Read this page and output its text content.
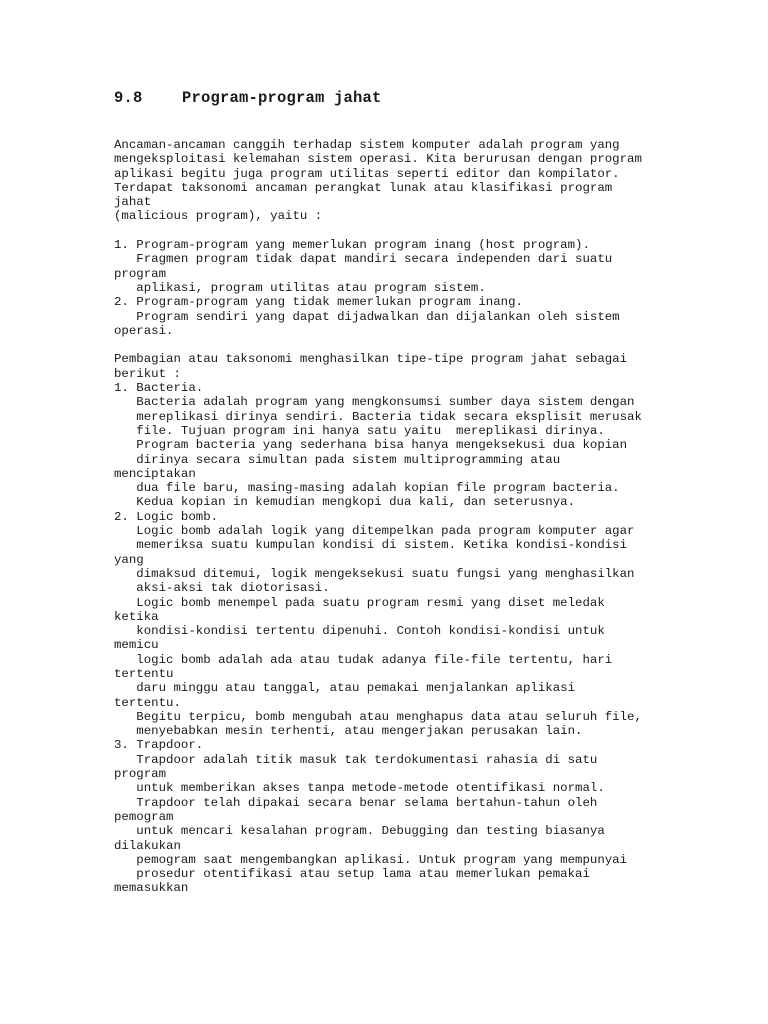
9.8	Program-program jahat
Ancaman-ancaman canggih terhadap sistem komputer adalah program yang
mengeksploitasi kelemahan sistem operasi. Kita berurusan dengan program
aplikasi begitu juga program utilitas seperti editor dan kompilator.
Terdapat taksonomi ancaman perangkat lunak atau klasifikasi program
jahat
(malicious program), yaitu :
1. Program-program yang memerlukan program inang (host program).
Fragmen program tidak dapat mandiri secara independen dari suatu
program
aplikasi, program utilitas atau program sistem.
2. Program-program yang tidak memerlukan program inang.
Program sendiri yang dapat dijadwalkan dan dijalankan oleh sistem
operasi.
Pembagian atau taksonomi menghasilkan tipe-tipe program jahat sebagai
berikut :
1. Bacteria.
Bacteria adalah program yang mengkonsumsi sumber daya sistem dengan
mereplikasi dirinya sendiri. Bacteria tidak secara eksplisit merusak
file. Tujuan program ini hanya satu yaitu  mereplikasi dirinya.
Program bacteria yang sederhana bisa hanya mengeksekusi dua kopian
dirinya secara simultan pada sistem multiprogramming atau
menciptakan
dua file baru, masing-masing adalah kopian file program bacteria.
Kedua kopian in kemudian mengkopi dua kali, dan seterusnya.
2. Logic bomb.
Logic bomb adalah logik yang ditempelkan pada program komputer agar
memeriksa suatu kumpulan kondisi di sistem. Ketika kondisi-kondisi
yang
dimaksud ditemui, logik mengeksekusi suatu fungsi yang menghasilkan
aksi-aksi tak diotorisasi.
Logic bomb menempel pada suatu program resmi yang diset meledak
ketika
kondisi-kondisi tertentu dipenuhi. Contoh kondisi-kondisi untuk
memicu
logic bomb adalah ada atau tudak adanya file-file tertentu, hari
tertentu
daru minggu atau tanggal, atau pemakai menjalankan aplikasi
tertentu.
Begitu terpicu, bomb mengubah atau menghapus data atau seluruh file,
menyebabkan mesin terhenti, atau mengerjakan perusakan lain.
3. Trapdoor.
Trapdoor adalah titik masuk tak terdokumentasi rahasia di satu
program
untuk memberikan akses tanpa metode-metode otentifikasi normal.
Trapdoor telah dipakai secara benar selama bertahun-tahun oleh
pemogram
untuk mencari kesalahan program. Debugging dan testing biasanya
dilakukan
pemogram saat mengembangkan aplikasi. Untuk program yang mempunyai
prosedur otentifikasi atau setup lama atau memerlukan pemakai
memasukkan
